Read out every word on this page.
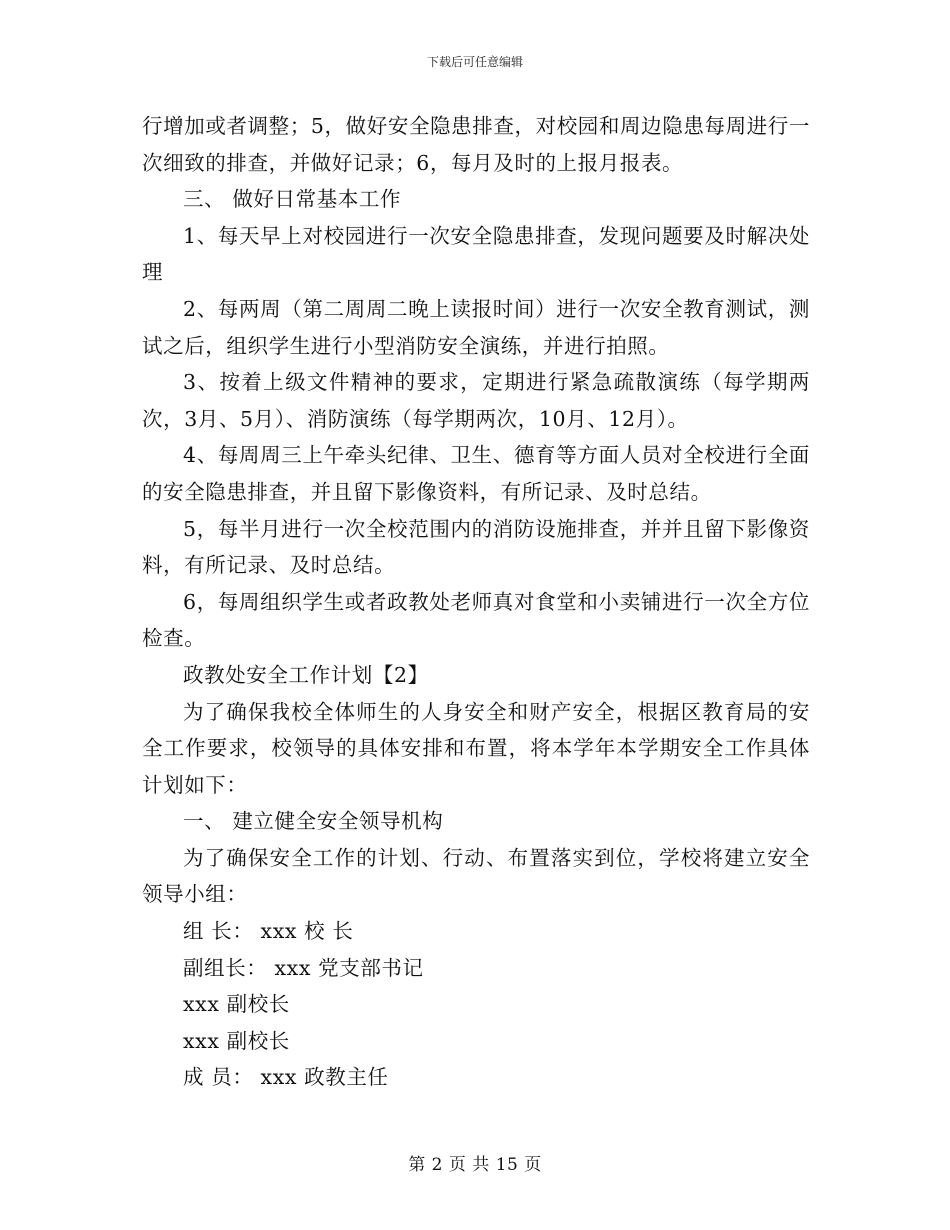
下载后可任意编辑

行增加或者调整；5，做好安全隐患排查，对校园和周边隐患每周进行一次细致的排查，并做好记录；6，每月及时的上报月报表。

三、 做好日常基本工作

1、每天早上对校园进行一次安全隐患排查，发现问题要及时解决处理

2、每两周（第二周周二晚上读报时间）进行一次安全教育测试，测试之后，组织学生进行小型消防安全演练，并进行拍照。

3、按着上级文件精神的要求，定期进行紧急疏散演练（每学期两次，3月、5月）、消防演练（每学期两次，10月、12月）。

4、每周周三上午牵头纪律、卫生、德育等方面人员对全校进行全面的安全隐患排查，并且留下影像资料，有所记录、及时总结。

5，每半月进行一次全校范围内的消防设施排查，并并且留下影像资料，有所记录、及时总结。

6，每周组织学生或者政教处老师真对食堂和小卖铺进行一次全方位检查。

政教处安全工作计划【2】

为了确保我校全体师生的人身安全和财产安全，根据区教育局的安全工作要求，校领导的具体安排和布置，将本学年本学期安全工作具体计划如下：

一、 建立健全安全领导机构

为了确保安全工作的计划、行动、布置落实到位，学校将建立安全领导小组：

组 长： xxx 校 长

副组长： xxx 党支部书记

xxx 副校长

xxx 副校长

成 员： xxx 政教主任

第 2 页 共 15 页
